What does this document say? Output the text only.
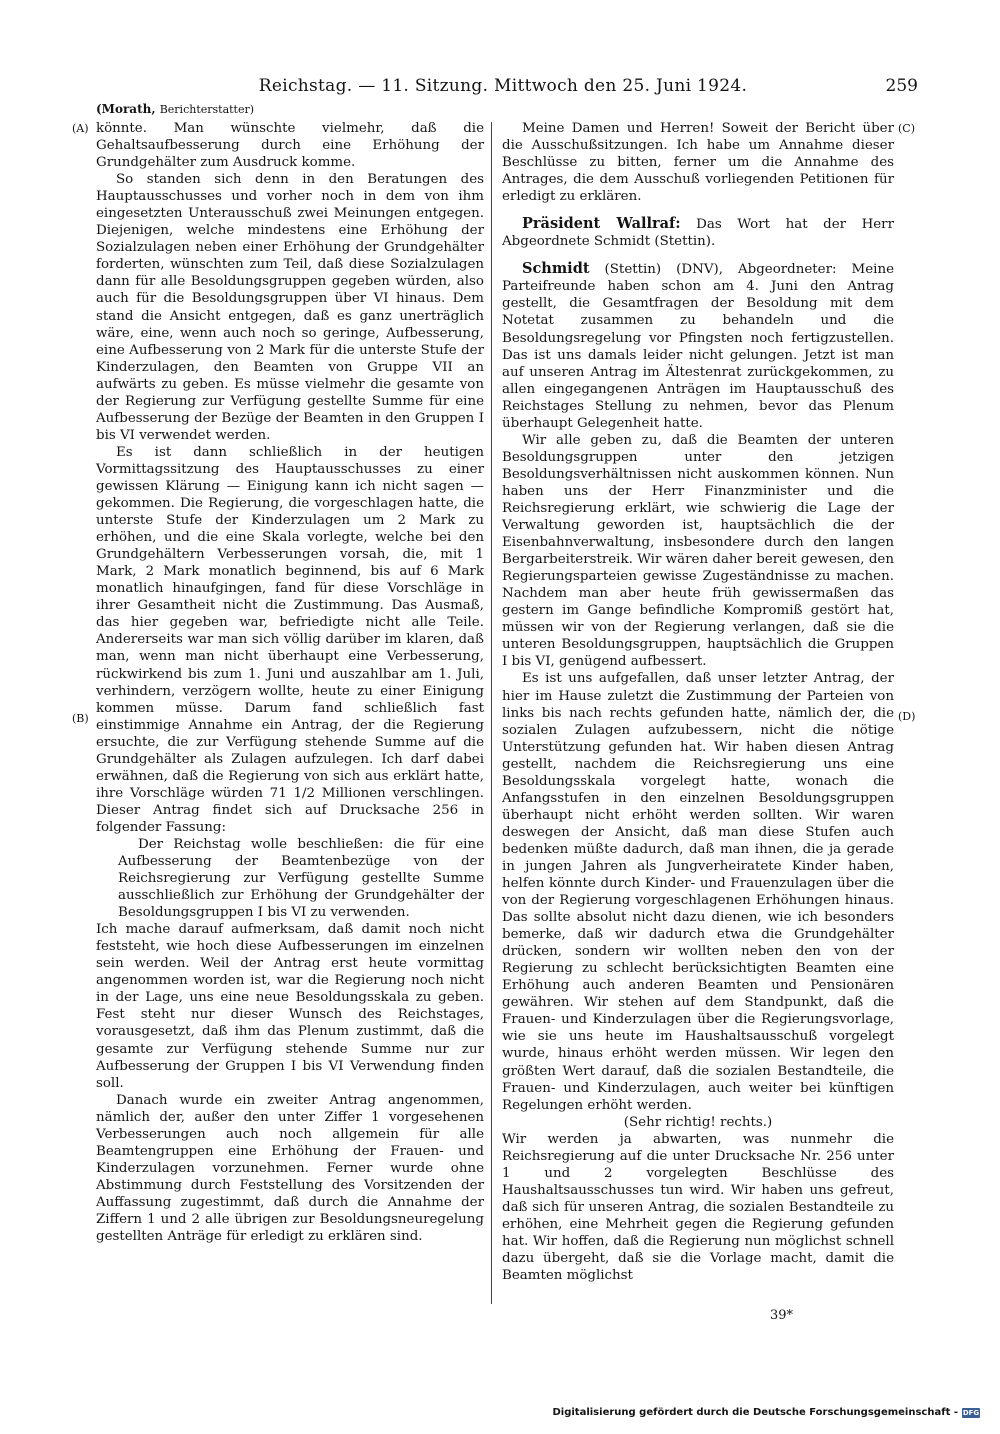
Reichstag. — 11. Sitzung. Mittwoch den 25. Juni 1924.	259
(Morath, Berichterstatter)
(A)
(B)
(C)
(D)

könnte. Man wünschte vielmehr, daß die Gehaltsaufbesserung durch eine Erhöhung der Grundgehälter zum Ausdruck komme.

So standen sich denn in den Beratungen des Hauptausschusses und vorher noch in dem von ihm eingesetzten Unterausschuß zwei Meinungen entgegen. Diejenigen, welche mindestens eine Erhöhung der Sozialzulagen neben einer Erhöhung der Grundgehälter forderten, wünschten zum Teil, daß diese Sozialzulagen dann für alle Besoldungsgruppen gegeben würden, also auch für die Besoldungsgruppen über VI hinaus. Dem stand die Ansicht entgegen, daß es ganz unerträglich wäre, eine, wenn auch noch so geringe, Aufbesserung, eine Aufbesserung von 2 Mark für die unterste Stufe der Kinderzulagen, den Beamten von Gruppe VII an aufwärts zu geben. Es müsse vielmehr die gesamte von der Regierung zur Verfügung gestellte Summe für eine Aufbesserung der Bezüge der Beamten in den Gruppen I bis VI verwendet werden.

Es ist dann schließlich in der heutigen Vormittagssitzung des Hauptausschusses zu einer gewissen Klärung — Einigung kann ich nicht sagen — gekommen. Die Regierung, die vorgeschlagen hatte, die unterste Stufe der Kinderzulagen um 2 Mark zu erhöhen, und die eine Skala vorlegte, welche bei den Grundgehältern Verbesserungen vorsah, die, mit 1 Mark, 2 Mark monatlich beginnend, bis auf 6 Mark monatlich hinaufgingen, fand für diese Vorschläge in ihrer Gesamtheit nicht die Zustimmung. Das Ausmaß, das hier gegeben war, befriedigte nicht alle Teile. Andererseits war man sich völlig darüber im klaren, daß man, wenn man nicht überhaupt eine Verbesserung, rückwirkend bis zum 1. Juni und auszahlbar am 1. Juli, verhindern, verzögern wollte, heute zu einer Einigung kommen müsse. Darum fand schließlich fast einstimmige Annahme ein Antrag, der die Regierung ersuchte, die zur Verfügung stehende Summe auf die Grundgehälter als Zulagen aufzulegen. Ich darf dabei erwähnen, daß die Regierung von sich aus erklärt hatte, ihre Vorschläge würden 71 1/2 Millionen verschlingen. Dieser Antrag findet sich auf Drucksache 256 in folgender Fassung:

Der Reichstag wolle beschließen: die für eine Aufbesserung der Beamtenbezüge von der Reichsregierung zur Verfügung gestellte Summe ausschließlich zur Erhöhung der Grundgehälter der Besoldungsgruppen I bis VI zu verwenden.

Ich mache darauf aufmerksam, daß damit noch nicht feststeht, wie hoch diese Aufbesserungen im einzelnen sein werden. Weil der Antrag erst heute vormittag angenommen worden ist, war die Regierung noch nicht in der Lage, uns eine neue Besoldungsskala zu geben. Fest steht nur dieser Wunsch des Reichstages, vorausgesetzt, daß ihm das Plenum zustimmt, daß die gesamte zur Verfügung stehende Summe nur zur Aufbesserung der Gruppen I bis VI Verwendung finden soll.

Danach wurde ein zweiter Antrag angenommen, nämlich der, außer den unter Ziffer 1 vorgesehenen Verbesserungen auch noch allgemein für alle Beamtengruppen eine Erhöhung der Frauen- und Kinderzulagen vorzunehmen. Ferner wurde ohne Abstimmung durch Feststellung des Vorsitzenden der Auffassung zugestimmt, daß durch die Annahme der Ziffern 1 und 2 alle übrigen zur Besoldungsneuregelung gestellten Anträge für erledigt zu erklären sind.

Meine Damen und Herren! Soweit der Bericht über die Ausschußsitzungen. Ich habe um Annahme dieser Beschlüsse zu bitten, ferner um die Annahme des Antrages, die dem Ausschuß vorliegenden Petitionen für erledigt zu erklären.

Präsident Wallraf: Das Wort hat der Herr Abgeordnete Schmidt (Stettin).

Schmidt (Stettin) (DNV), Abgeordneter: Meine Parteifreunde haben schon am 4. Juni den Antrag gestellt, die Gesamtfragen der Besoldung mit dem Notetat zusammen zu behandeln und die Besoldungsregelung vor Pfingsten noch fertigzustellen. Das ist uns damals leider nicht gelungen. Jetzt ist man auf unseren Antrag im Ältestenrat zurückgekommen, zu allen eingegangenen Anträgen im Hauptausschuß des Reichstages Stellung zu nehmen, bevor das Plenum überhaupt Gelegenheit hatte.

Wir alle geben zu, daß die Beamten der unteren Besoldungsgruppen unter den jetzigen Besoldungsverhältnissen nicht auskommen können. Nun haben uns der Herr Finanzminister und die Reichsregierung erklärt, wie schwierig die Lage der Verwaltung geworden ist, hauptsächlich die der Eisenbahnverwaltung, insbesondere durch den langen Bergarbeiterstreik. Wir wären daher bereit gewesen, den Regierungsparteien gewisse Zugeständnisse zu machen. Nachdem man aber heute früh gewissermaßen das gestern im Gange befindliche Kompromiß gestört hat, müssen wir von der Regierung verlangen, daß sie die unteren Besoldungsgruppen, hauptsächlich die Gruppen I bis VI, genügend aufbessert.

Es ist uns aufgefallen, daß unser letzter Antrag, der hier im Hause zuletzt die Zustimmung der Parteien von links bis nach rechts gefunden hatte, nämlich der, die sozialen Zulagen aufzubessern, nicht die nötige Unterstützung gefunden hat. Wir haben diesen Antrag gestellt, nachdem die Reichsregierung uns eine Besoldungsskala vorgelegt hatte, wonach die Anfangsstufen in den einzelnen Besoldungsgruppen überhaupt nicht erhöht werden sollten. Wir waren deswegen der Ansicht, daß man diese Stufen auch bedenken müßte dadurch, daß man ihnen, die ja gerade in jungen Jahren als Jungverheiratete Kinder haben, helfen könnte durch Kinder- und Frauenzulagen über die von der Regierung vorgeschlagenen Erhöhungen hinaus. Das sollte absolut nicht dazu dienen, wie ich besonders bemerke, daß wir dadurch etwa die Grundgehälter drücken, sondern wir wollten neben den von der Regierung zu schlecht berücksichtigten Beamten eine Erhöhung auch anderen Beamten und Pensionären gewähren. Wir stehen auf dem Standpunkt, daß die Frauen- und Kinderzulagen über die Regierungsvorlage, wie sie uns heute im Haushaltsausschuß vorgelegt wurde, hinaus erhöht werden müssen. Wir legen den größten Wert darauf, daß die sozialen Bestandteile, die Frauen- und Kinderzulagen, auch weiter bei künftigen Regelungen erhöht werden.

(Sehr richtig! rechts.)

Wir werden ja abwarten, was nunmehr die Reichsregierung auf die unter Drucksache Nr. 256 unter 1 und 2 vorgelegten Beschlüsse des Haushaltsausschusses tun wird. Wir haben uns gefreut, daß sich für unseren Antrag, die sozialen Bestandteile zu erhöhen, eine Mehrheit gegen die Regierung gefunden hat. Wir hoffen, daß die Regierung nun möglichst schnell dazu übergeht, daß sie die Vorlage macht, damit die Beamten möglichst

39*
Digitalisierung gefördert durch die Deutsche Forschungsgemeinschaft - DFG
